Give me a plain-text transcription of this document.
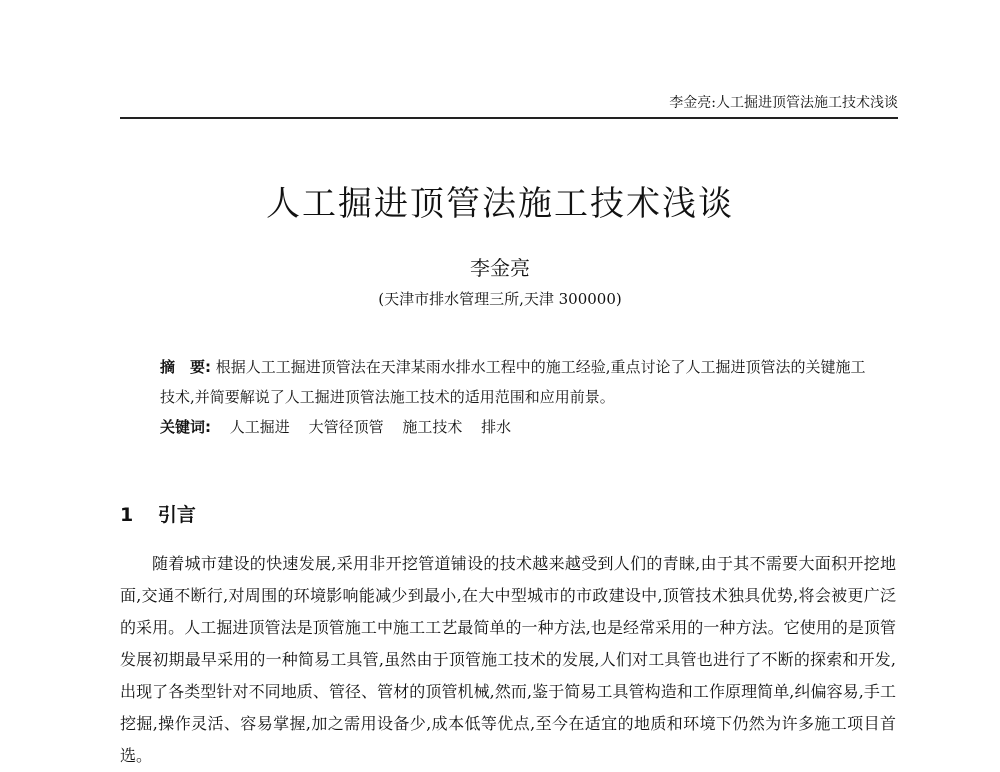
李金亮:人工掘进顶管法施工技术浅谈
人工掘进顶管法施工技术浅谈
李金亮
(天津市排水管理三所,天津 300000)
摘　要: 根据人工工掘进顶管法在天津某雨水排水工程中的施工经验,重点讨论了人工掘进顶管法的关键施工技术,并简要解说了人工掘进顶管法施工技术的适用范围和应用前景。
关键词: 人工掘进 大管径顶管 施工技术 排水
1 引言
随着城市建设的快速发展,采用非开挖管道铺设的技术越来越受到人们的青睐,由于其不需要大面积开挖地面,交通不断行,对周围的环境影响能减少到最小,在大中型城市的市政建设中,顶管技术独具优势,将会被更广泛的采用。人工掘进顶管法是顶管施工中施工工艺最简单的一种方法,也是经常采用的一种方法。它使用的是顶管发展初期最早采用的一种简易工具管,虽然由于顶管施工技术的发展,人们对工具管也进行了不断的探索和开发,出现了各类型针对不同地质、管径、管材的顶管机械,然而,鉴于简易工具管构造和工作原理简单,纠偏容易,手工挖掘,操作灵活、容易掌握,加之需用设备少,成本低等优点,至今在适宜的地质和环境下仍然为许多施工项目首选。
